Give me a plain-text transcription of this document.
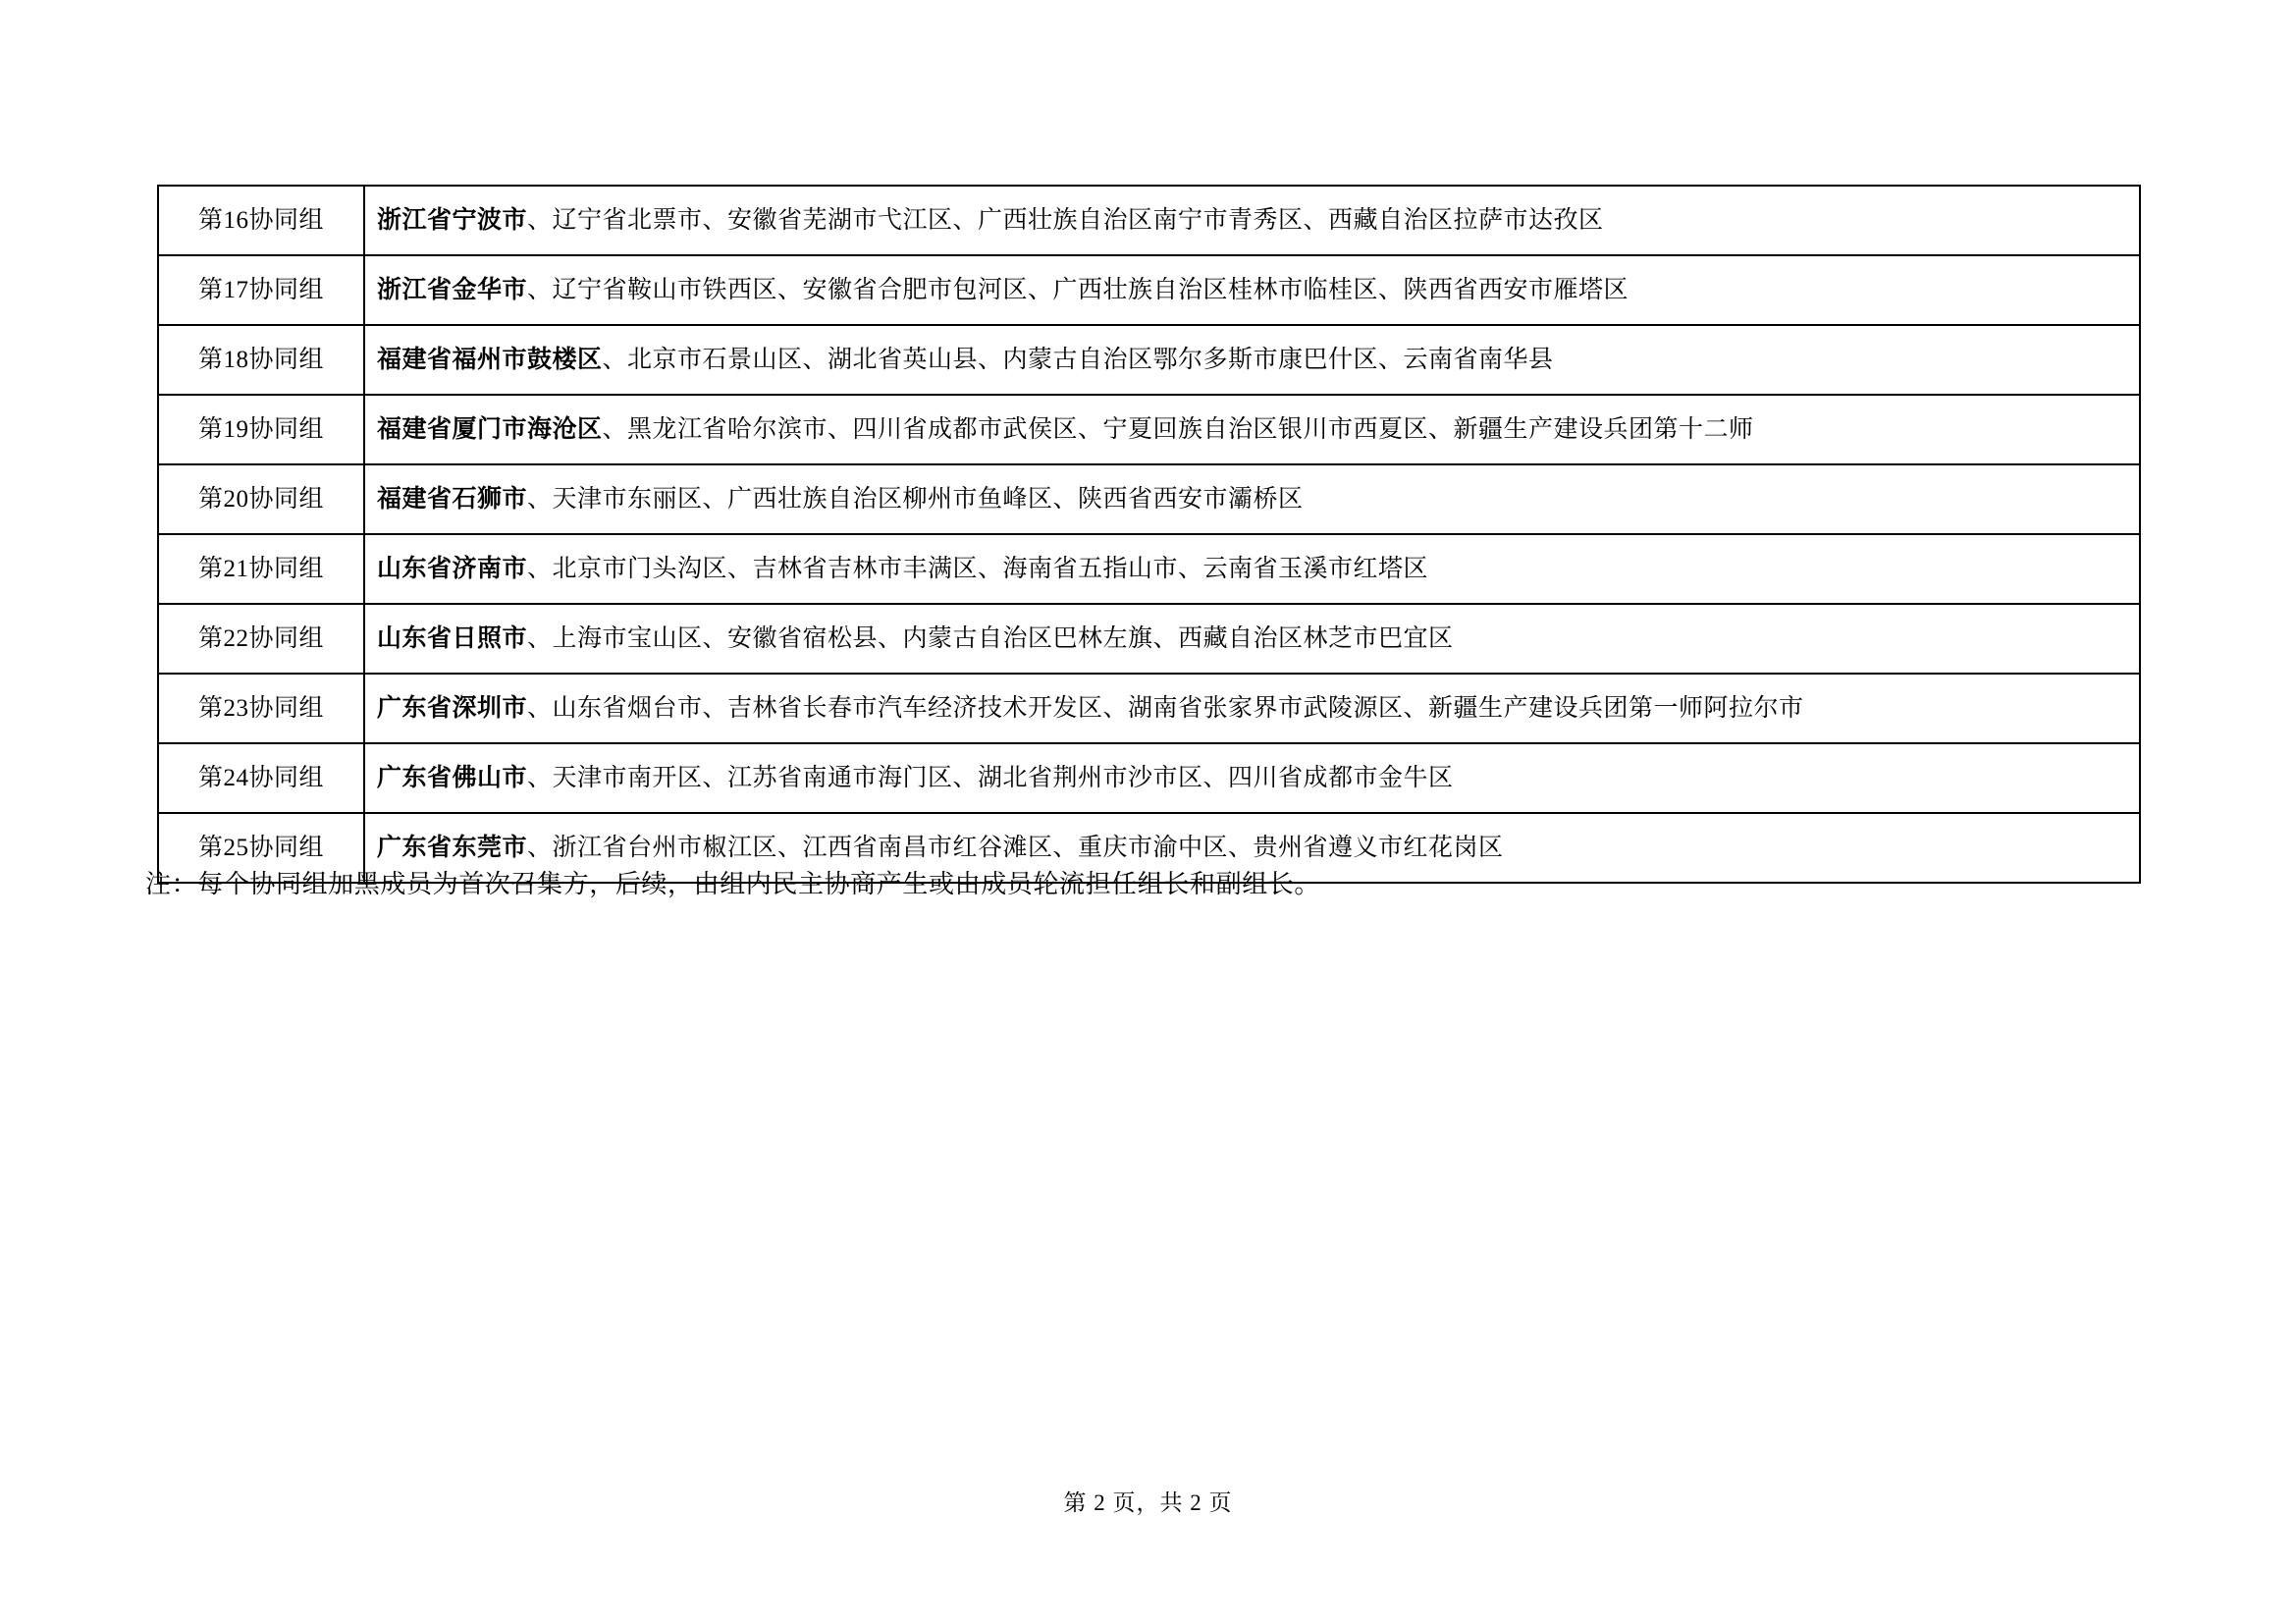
第16协同组	浙江省宁波市、辽宁省北票市、安徽省芜湖市弋江区、广西壮族自治区南宁市青秀区、西藏自治区拉萨市达孜区
第17协同组	浙江省金华市、辽宁省鞍山市铁西区、安徽省合肥市包河区、广西壮族自治区桂林市临桂区、陕西省西安市雁塔区
第18协同组	福建省福州市鼓楼区、北京市石景山区、湖北省英山县、内蒙古自治区鄂尔多斯市康巴什区、云南省南华县
第19协同组	福建省厦门市海沧区、黑龙江省哈尔滨市、四川省成都市武侯区、宁夏回族自治区银川市西夏区、新疆生产建设兵团第十二师
第20协同组	福建省石狮市、天津市东丽区、广西壮族自治区柳州市鱼峰区、陕西省西安市灞桥区
第21协同组	山东省济南市、北京市门头沟区、吉林省吉林市丰满区、海南省五指山市、云南省玉溪市红塔区
第22协同组	山东省日照市、上海市宝山区、安徽省宿松县、内蒙古自治区巴林左旗、西藏自治区林芝市巴宜区
第23协同组	广东省深圳市、山东省烟台市、吉林省长春市汽车经济技术开发区、湖南省张家界市武陵源区、新疆生产建设兵团第一师阿拉尔市
第24协同组	广东省佛山市、天津市南开区、江苏省南通市海门区、湖北省荆州市沙市区、四川省成都市金牛区
第25协同组	广东省东莞市、浙江省台州市椒江区、江西省南昌市红谷滩区、重庆市渝中区、贵州省遵义市红花岗区
注：每个协同组加黑成员为首次召集方，后续，由组内民主协商产生或由成员轮流担任组长和副组长。
第 2 页，共 2 页
